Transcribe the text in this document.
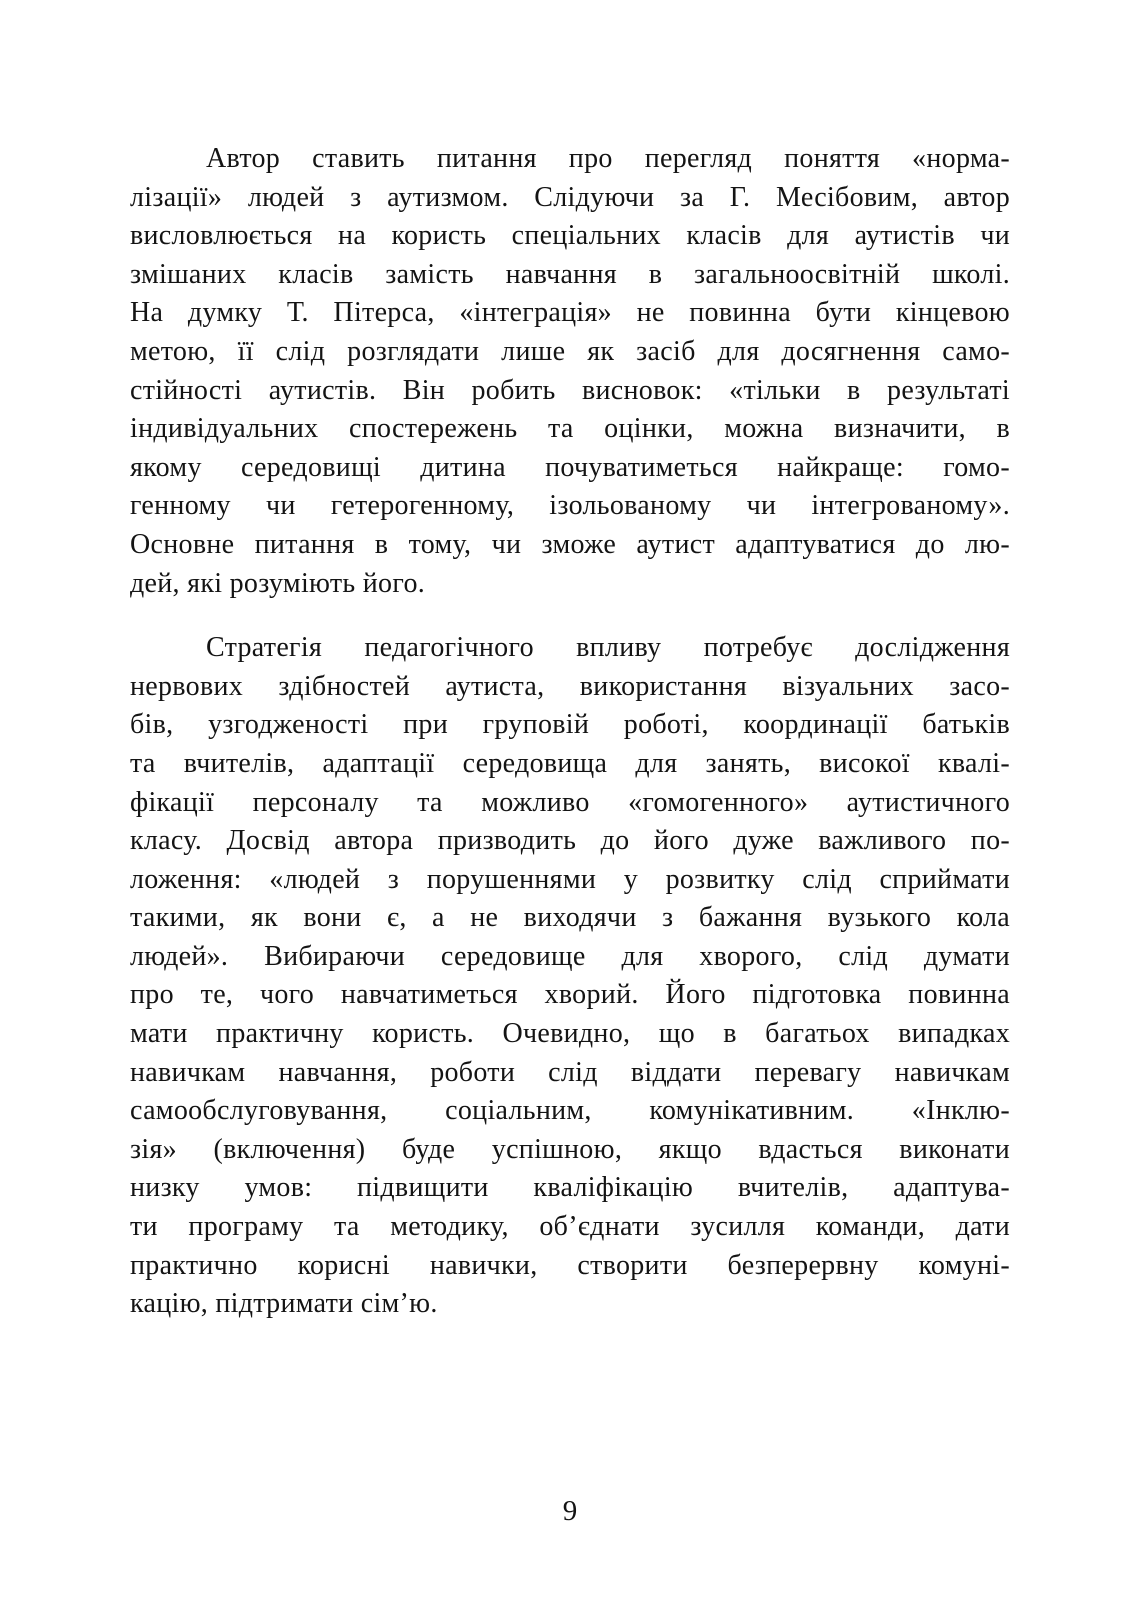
Автор ставить питання про перегляд поняття «норма-
лізації» людей з аутизмом. Слідуючи за Г. Месібовим, автор
висловлюється на користь спеціальних класів для аутистів чи
змішаних класів замість навчання в загальноосвітній школі.
На думку Т. Пітерса, «інтеграція» не повинна бути кінцевою
метою, її слід розглядати лише як засіб для досягнення само-
стійності аутистів. Він робить висновок: «тільки в результаті
індивідуальних спостережень та оцінки, можна визначити, в
якому середовищі дитина почуватиметься найкраще: гомо-
генному чи гетерогенному, ізольованому чи інтегрованому».
Основне питання в тому, чи зможе аутист адаптуватися до лю-
дей, які розуміють його.
Стратегія педагогічного впливу потребує дослідження
нервових здібностей аутиста, використання візуальних засо-
бів, узгодженості при груповій роботі, координації батьків
та вчителів, адаптації середовища для занять, високої квалі-
фікації персоналу та можливо «гомогенного» аутистичного
класу. Досвід автора призводить до його дуже важливого по-
ложення: «людей з порушеннями у розвитку слід сприймати
такими, як вони є, а не виходячи з бажання вузького кола
людей». Вибираючи середовище для хворого, слід думати
про те, чого навчатиметься хворий. Його підготовка повинна
мати практичну користь. Очевидно, що в багатьох випадках
навичкам навчання, роботи слід віддати перевагу навичкам
самообслуговування, соціальним, комунікативним. «Інклю-
зія» (включення) буде успішною, якщо вдасться виконати
низку умов: підвищити кваліфікацію вчителів, адаптува-
ти програму та методику, об’єднати зусилля команди, дати
практично корисні навички, створити безперервну комуні-
кацію, підтримати сім’ю.
9
